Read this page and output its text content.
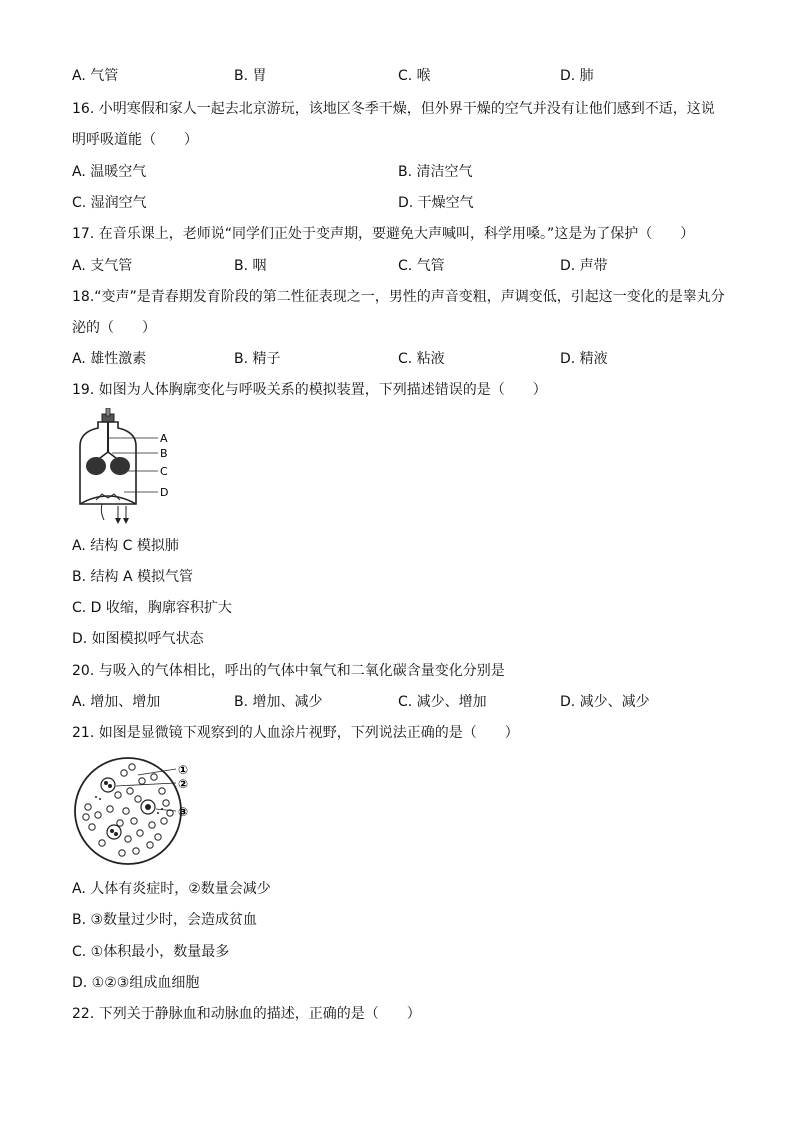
A. 气管	B. 胃	C. 喉	D. 肺
16. 小明寒假和家人一起去北京游玩，该地区冬季干燥，但外界干燥的空气并没有让他们感到不适，这说
明呼吸道能（　　）
A. 温暖空气	B. 清洁空气
C. 湿润空气	D. 干燥空气
17. 在音乐课上，老师说“同学们正处于变声期，要避免大声喊叫，科学用嗓。”这是为了保护（　　）
A. 支气管	B. 咽	C. 气管	D. 声带
18.“变声”是青春期发育阶段的第二性征表现之一，男性的声音变粗，声调变低，引起这一变化的是睾丸分
泌的（　　）
A. 雄性激素	B. 精子	C. 粘液	D. 精液
19. 如图为人体胸廓变化与呼吸关系的模拟装置，下列描述错误的是（　　）
A
B
C
D
A. 结构 C 模拟肺
B. 结构 A 模拟气管
C. D 收缩，胸廓容积扩大
D. 如图模拟呼气状态
20. 与吸入的气体相比，呼出的气体中氧气和二氧化碳含量变化分别是
A. 增加、增加	B. 增加、减少	C. 减少、增加	D. 减少、减少
21. 如图是显微镜下观察到的人血涂片视野，下列说法正确的是（　　）
①
②
③
A. 人体有炎症时，②数量会减少
B. ③数量过少时，会造成贫血
C. ①体积最小，数量最多
D. ①②③组成血细胞
22. 下列关于静脉血和动脉血的描述，正确的是（　　）
